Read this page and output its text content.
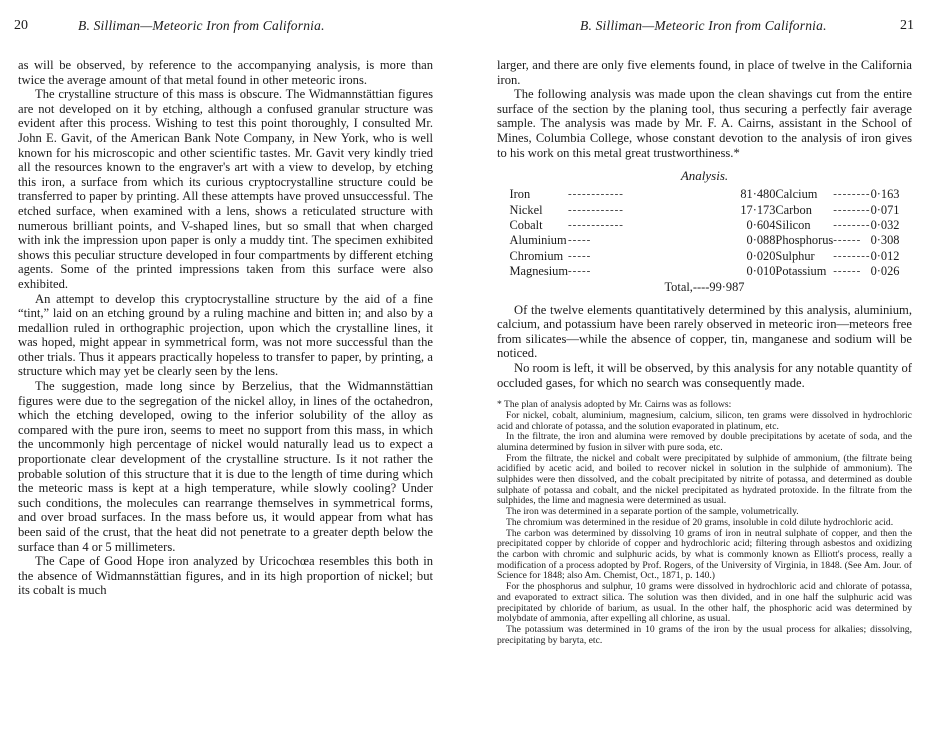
20	B. Silliman—Meteoric Iron from California.	B. Silliman—Meteoric Iron from California.	21

as will be observed, by reference to the accompanying analysis, is more than twice the average amount of that metal found in other meteoric irons.

The crystalline structure of this mass is obscure. The Widmannstättian figures are not developed on it by etching, although a confused granular structure was evident after this process. Wishing to test this point thoroughly, I consulted Mr. John E. Gavit, of the American Bank Note Company, in New York, who is well known for his microscopic and other scientific tastes. Mr. Gavit very kindly tried all the resources known to the engraver's art with a view to develop, by etching this iron, a surface from which its curious cryptocrystalline structure could be transferred to paper by printing. All these attempts have proved unsuccessful. The etched surface, when examined with a lens, shows a reticulated structure with numerous brilliant points, and V-shaped lines, but so small that when charged with ink the impression upon paper is only a muddy tint. The specimen exhibited shows this peculiar structure developed in four compartments by different etching agents. Some of the printed impressions taken from this surface were also exhibited.

An attempt to develop this cryptocrystalline structure by the aid of a fine “tint,” laid on an etching ground by a ruling machine and bitten in; and also by a medallion ruled in orthographic projection, upon which the crystalline lines, it was hoped, might appear in symmetrical form, was not more successful than the other trials. Thus it appears practically hopeless to transfer to paper, by printing, a structure which may yet be clearly seen by the lens.

The suggestion, made long since by Berzelius, that the Widmannstättian figures were due to the segregation of the nickel alloy, in lines of the octahedron, which the etching developed, owing to the inferior solubility of the alloy as compared with the pure iron, seems to meet no support from this mass, in which the uncommonly high percentage of nickel would naturally lead us to expect a proportionate clear development of the crystalline structure. Is it not rather the probable solution of this structure that it is due to the length of time during which the meteoric mass is kept at a high temperature, while slowly cooling? Under such conditions, the molecules can rearrange themselves in symmetrical forms, and over broad surfaces. In the mass before us, it would appear from what has been said of the crust, that the heat did not penetrate to a greater depth below the surface than 4 or 5 millimeters.

The Cape of Good Hope iron analyzed by Uricochœa resembles this both in the absence of Widmannstättian figures, and in its high proportion of nickel; but its cobalt is much

larger, and there are only five elements found, in place of twelve in the California iron.

The following analysis was made upon the clean shavings cut from the entire surface of the section by the planing tool, thus securing a perfectly fair average sample. The analysis was made by Mr. F. A. Cairns, assistant in the School of Mines, Columbia College, whose constant devotion to the analysis of iron gives to his work on this metal great trustworthiness.*

Analysis.
Iron	------------	81·480		Calcium	--------	0·163
Nickel	------------	17·173		Carbon	--------	0·071
Cobalt	------------	0·604		Silicon	--------	0·032
Aluminium	-----	0·088		Phosphorus	------	0·308
Chromium	-----	0·020		Sulphur	--------	0·012
Magnesium	-----	0·010		Potassium	------	0·026
Total,----99·987

Of the twelve elements quantitatively determined by this analysis, aluminium, calcium, and potassium have been rarely observed in meteoric iron—meteors free from silicates—while the absence of copper, tin, manganese and sodium will be noticed.

No room is left, it will be observed, by this analysis for any notable quantity of occluded gases, for which no search was consequently made.

* The plan of analysis adopted by Mr. Cairns was as follows:

For nickel, cobalt, aluminium, magnesium, calcium, silicon, ten grams were dissolved in hydrochloric acid and chlorate of potassa, and the solution evaporated in platinum, etc.

In the filtrate, the iron and alumina were removed by double precipitations by acetate of soda, and the alumina determined by fusion in silver with pure soda, etc.

From the filtrate, the nickel and cobalt were precipitated by sulphide of ammonium, (the filtrate being acidified by acetic acid, and boiled to recover nickel in solution in the sulphide of ammonium). The sulphides were then dissolved, and the cobalt precipitated by nitrite of potassa, and determined as double sulphate of potassa and cobalt, and the nickel precipitated as hydrated protoxide. In the filtrate from the sulphides, the lime and magnesia were determined as usual.

The iron was determined in a separate portion of the sample, volumetrically.

The chromium was determined in the residue of 20 grams, insoluble in cold dilute hydrochloric acid.

The carbon was determined by dissolving 10 grams of iron in neutral sulphate of copper, and then the precipitated copper by chloride of copper and hydrochloric acid; filtering through asbestos and oxidizing the carbon with chromic and sulphuric acids, by what is commonly known as Elliott's process, really a modification of a process adopted by Prof. Rogers, of the University of Virginia, in 1848. (See Am. Jour. of Science for 1848; also Am. Chemist, Oct., 1871, p. 140.)

For the phosphorus and sulphur, 10 grams were dissolved in hydrochloric acid and chlorate of potassa, and evaporated to extract silica. The solution was then divided, and in one half the sulphuric acid was precipitated by chloride of barium, as usual. In the other half, the phosphoric acid was determined by molybdate of ammonia, after expelling all chlorine, as usual.

The potassium was determined in 10 grams of the iron by the usual process for alkalies; dissolving, precipitating by baryta, etc.
